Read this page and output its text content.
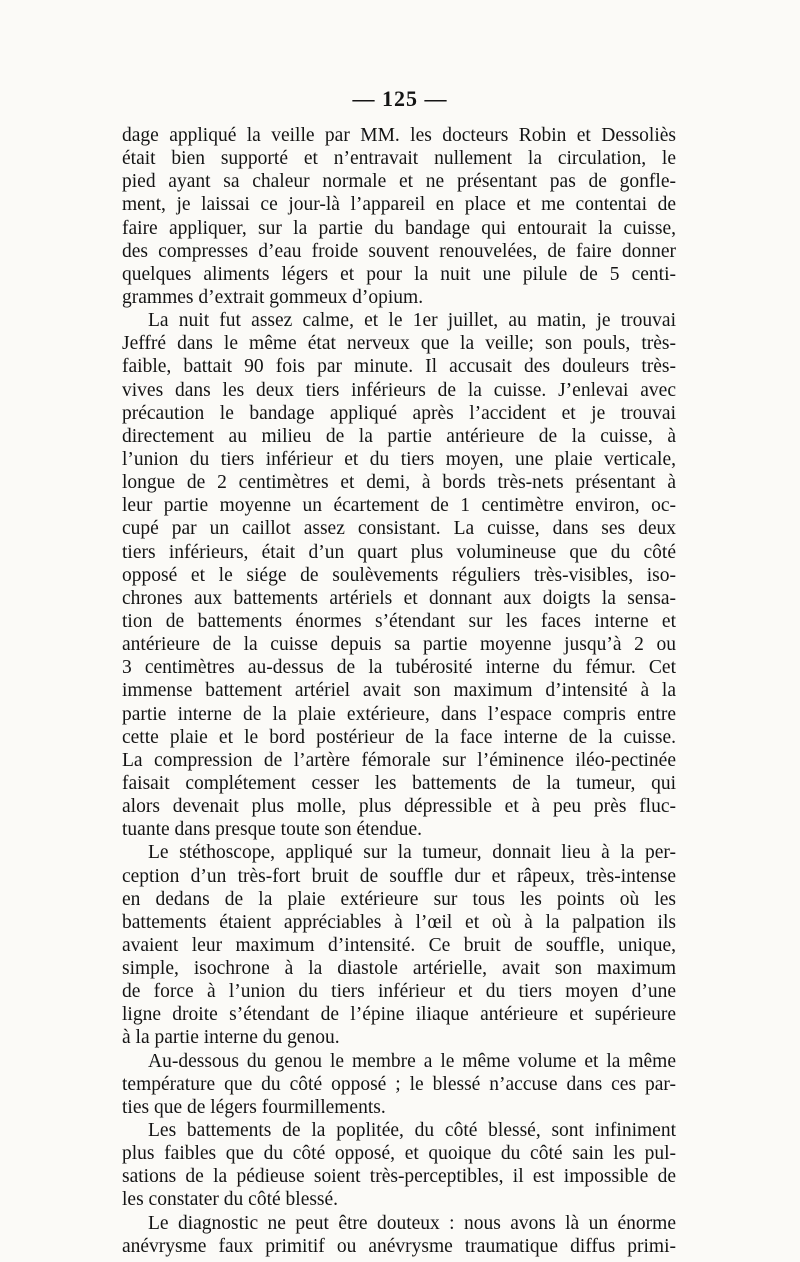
— 125 —
dage appliqué la veille par MM. les docteurs Robin et Dessoliès
était bien supporté et n’entravait nullement la circulation, le
pied ayant sa chaleur normale et ne présentant pas de gonfle-
ment, je laissai ce jour-là l’appareil en place et me contentai de
faire appliquer, sur la partie du bandage qui entourait la cuisse,
des compresses d’eau froide souvent renouvelées, de faire donner
quelques aliments légers et pour la nuit une pilule de 5 centi-
grammes d’extrait gommeux d’opium.
La nuit fut assez calme, et le 1er juillet, au matin, je trouvai
Jeffré dans le même état nerveux que la veille; son pouls, très-
faible, battait 90 fois par minute. Il accusait des douleurs très-
vives dans les deux tiers inférieurs de la cuisse. J’enlevai avec
précaution le bandage appliqué après l’accident et je trouvai
directement au milieu de la partie antérieure de la cuisse, à
l’union du tiers inférieur et du tiers moyen, une plaie verticale,
longue de 2 centimètres et demi, à bords très-nets présentant à
leur partie moyenne un écartement de 1 centimètre environ, oc-
cupé par un caillot assez consistant. La cuisse, dans ses deux
tiers inférieurs, était d’un quart plus volumineuse que du côté
opposé et le siége de soulèvements réguliers très-visibles, iso-
chrones aux battements artériels et donnant aux doigts la sensa-
tion de battements énormes s’étendant sur les faces interne et
antérieure de la cuisse depuis sa partie moyenne jusqu’à 2 ou
3 centimètres au-dessus de la tubérosité interne du fémur. Cet
immense battement artériel avait son maximum d’intensité à la
partie interne de la plaie extérieure, dans l’espace compris entre
cette plaie et le bord postérieur de la face interne de la cuisse.
La compression de l’artère fémorale sur l’éminence iléo-pectinée
faisait complétement cesser les battements de la tumeur, qui
alors devenait plus molle, plus dépressible et à peu près fluc-
tuante dans presque toute son étendue.
Le stéthoscope, appliqué sur la tumeur, donnait lieu à la per-
ception d’un très-fort bruit de souffle dur et râpeux, très-intense
en dedans de la plaie extérieure sur tous les points où les
battements étaient appréciables à l’œil et où à la palpation ils
avaient leur maximum d’intensité. Ce bruit de souffle, unique,
simple, isochrone à la diastole artérielle, avait son maximum
de force à l’union du tiers inférieur et du tiers moyen d’une
ligne droite s’étendant de l’épine iliaque antérieure et supérieure
à la partie interne du genou.
Au-dessous du genou le membre a le même volume et la même
température que du côté opposé ; le blessé n’accuse dans ces par-
ties que de légers fourmillements.
Les battements de la poplitée, du côté blessé, sont infiniment
plus faibles que du côté opposé, et quoique du côté sain les pul-
sations de la pédieuse soient très-perceptibles, il est impossible de
les constater du côté blessé.
Le diagnostic ne peut être douteux : nous avons là un énorme
anévrysme faux primitif ou anévrysme traumatique diffus primi-
